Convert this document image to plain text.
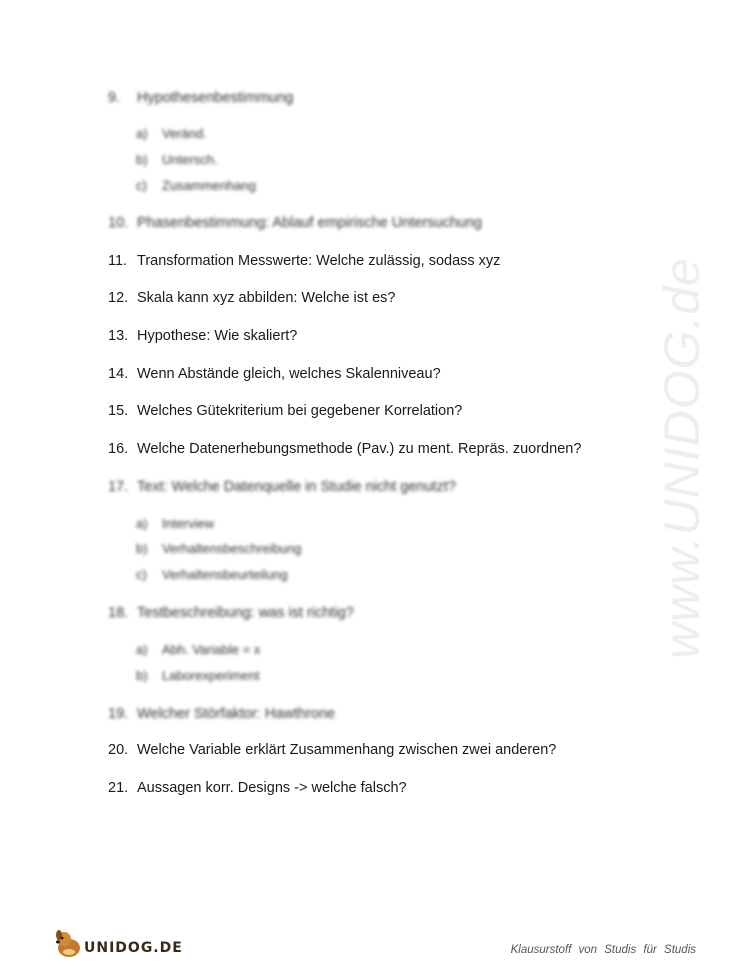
www.UNIDOG.de
9. Hypothesenbestimmung
a) Veränd.
b) Untersch.
c) Zusammenhang
10. Phasenbestimmung: Ablauf empirische Untersuchung
11. Transformation Messwerte: Welche zulässig, sodass xyz
12. Skala kann xyz abbilden: Welche ist es?
13. Hypothese: Wie skaliert?
14. Wenn Abstände gleich, welches Skalenniveau?
15. Welches Gütekriterium bei gegebener Korrelation?
16. Welche Datenerhebungsmethode (Pav.) zu ment. Repräs. zuordnen?
17. Text: Welche Datenquelle in Studie nicht genutzt?
a) Interview
b) Verhaltensbeschreibung
c) Verhaltensbeurteilung
18. Testbeschreibung: was ist richtig?
a) Abh. Variable = x
b) Laborexperiment
19. Welcher Störfaktor: Hawthrone
20. Welche Variable erklärt Zusammenhang zwischen zwei anderen?
21. Aussagen korr. Designs -> welche falsch?
UNIDOG.DE	Klausurstoff von Studis für Studis
